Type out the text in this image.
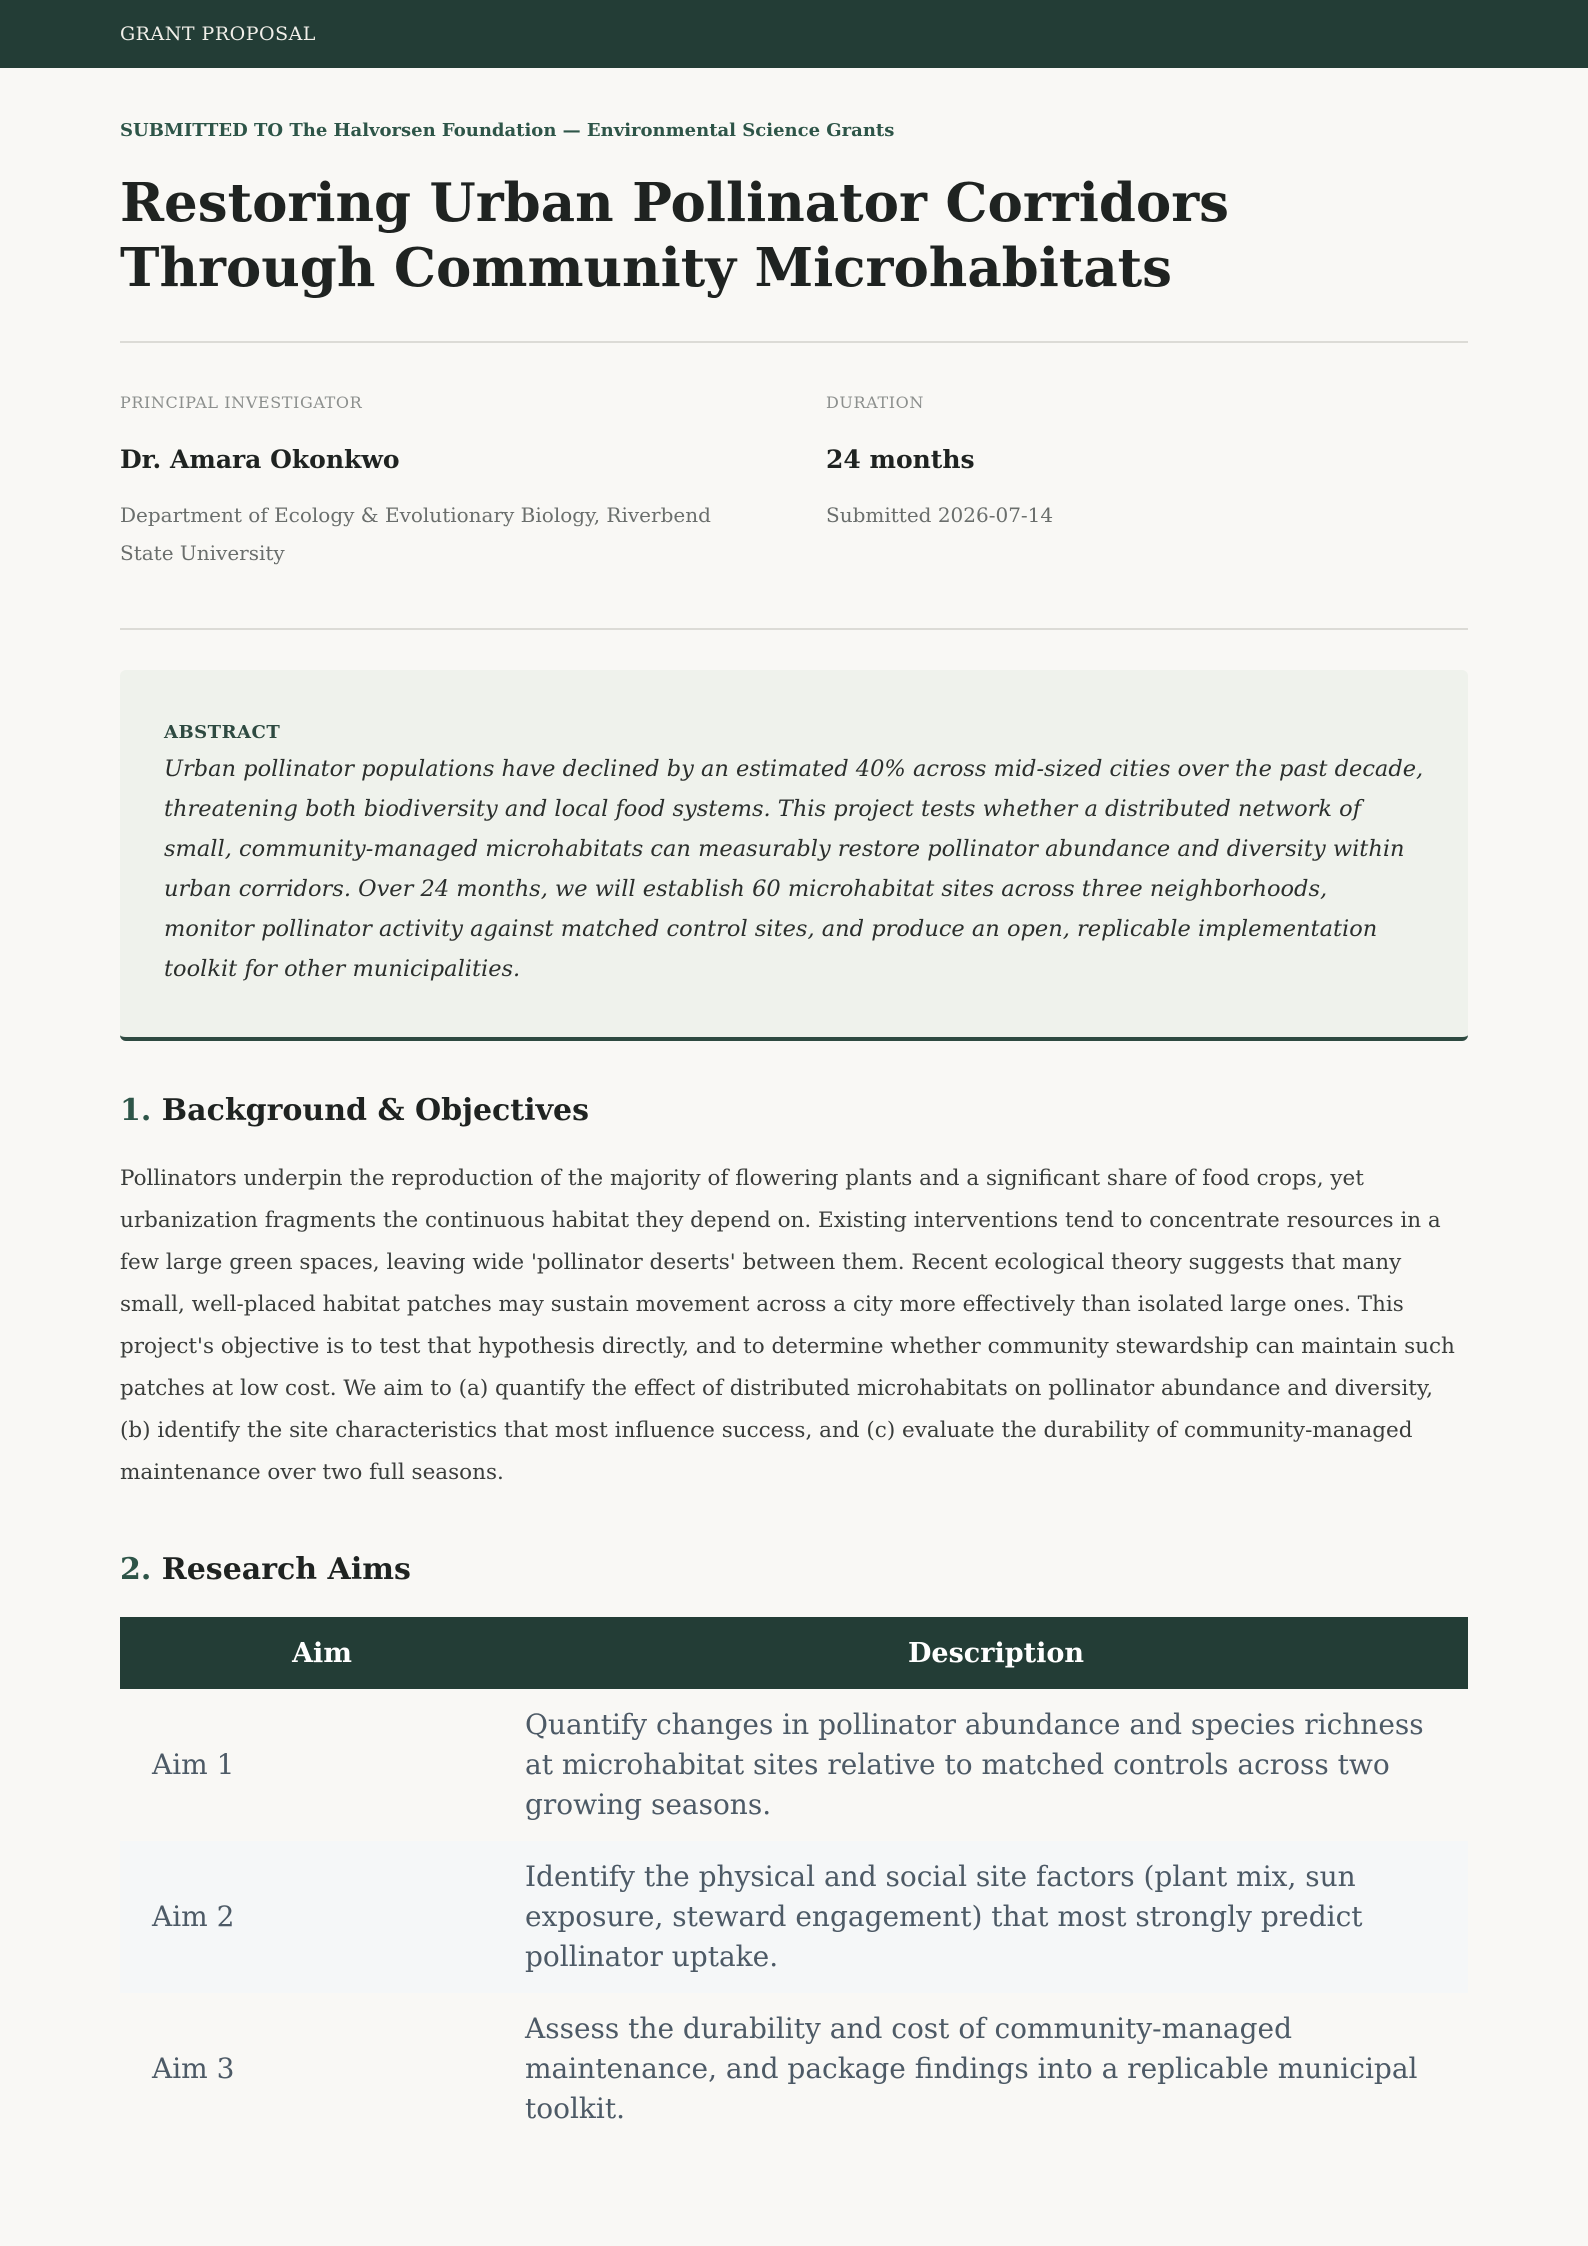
GRANT PROPOSAL
SUBMITTED TO The Halvorsen Foundation — Environmental Science Grants
Restoring Urban Pollinator Corridors Through Community Microhabitats
PRINCIPAL INVESTIGATOR
Dr. Amara Okonkwo
Department of Ecology & Evolutionary Biology, Riverbend State University
DURATION
24 months
Submitted 2026-07-14
ABSTRACT
Urban pollinator populations have declined by an estimated 40% across mid-sized cities over the past decade, threatening both biodiversity and local food systems. This project tests whether a distributed network of small, community-managed microhabitats can measurably restore pollinator abundance and diversity within urban corridors. Over 24 months, we will establish 60 microhabitat sites across three neighborhoods, monitor pollinator activity against matched control sites, and produce an open, replicable implementation toolkit for other municipalities.
1. Background & Objectives
Pollinators underpin the reproduction of the majority of flowering plants and a significant share of food crops, yet urbanization fragments the continuous habitat they depend on. Existing interventions tend to concentrate resources in a few large green spaces, leaving wide 'pollinator deserts' between them. Recent ecological theory suggests that many small, well-placed habitat patches may sustain movement across a city more effectively than isolated large ones. This project's objective is to test that hypothesis directly, and to determine whether community stewardship can maintain such patches at low cost. We aim to (a) quantify the effect of distributed microhabitats on pollinator abundance and diversity, (b) identify the site characteristics that most influence success, and (c) evaluate the durability of community-managed maintenance over two full seasons.
2. Research Aims
Aim	Description
Aim 1	Quantify changes in pollinator abundance and species richness at microhabitat sites relative to matched controls across two growing seasons.
Aim 2	Identify the physical and social site factors (plant mix, sun exposure, steward engagement) that most strongly predict pollinator uptake.
Aim 3	Assess the durability and cost of community-managed maintenance, and package findings into a replicable municipal toolkit.
